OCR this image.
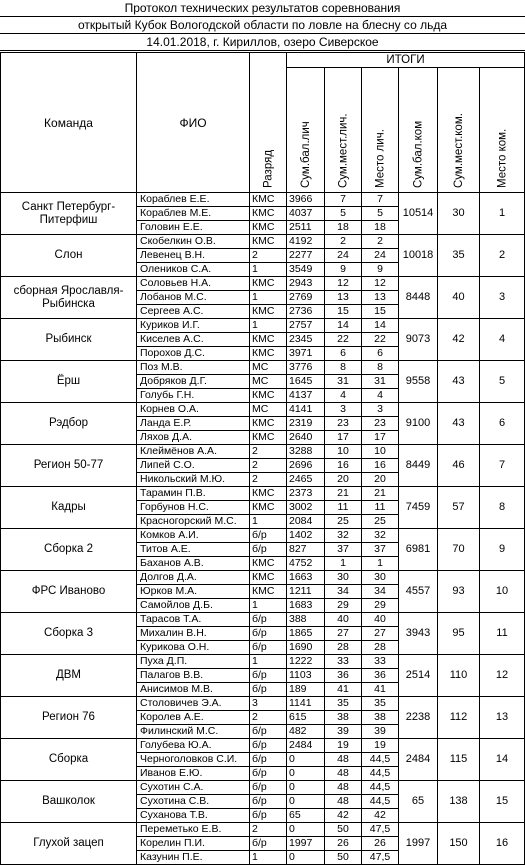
Протокол технических результатов соревнования
открытый Кубок Вологодской области по ловле на блесну со льда
14.01.2018, г. Кириллов, озеро Сиверское
Команда	ФИО	Разряд	ИТОГИ					
			Сум.бал.лич	Сум.мест.лич.	Место лич.	Сум.бал.ком	Сум.мест.ком.	Место ком.
Санкт Петербург-Питерфиш	Кораблев Е.Е.	КМС	3966	7	7	10514	30	1
	Кораблев М.Е.	КМС	4037	5	5			
	Головин Е.Е.	КМС	2511	18	18			
Слон	Скобелкин О.В.	КМС	4192	2	2	10018	35	2
	Левенец В.Н.	2	2277	24	24			
	Олеников С.А.	1	3549	9	9			
сборная Ярославля-Рыбинска	Соловьев Н.А.	КМС	2943	12	12	8448	40	3
	Лобанов М.С.	1	2769	13	13			
	Сергеев А.С.	КМС	2736	15	15			
Рыбинск	Куриков И.Г.	1	2757	14	14	9073	42	4
	Киселев А.С.	КМС	2345	22	22			
	Порохов Д.С.	КМС	3971	6	6			
Ёрш	Поз М.В.	МС	3776	8	8	9558	43	5
	Добряков Д.Г.	МС	1645	31	31			
	Голубь Г.Н.	КМС	4137	4	4			
Рэдбор	Корнев О.А.	МС	4141	3	3	9100	43	6
	Ланда Е.Р.	КМС	2319	23	23			
	Ляхов Д.А.	КМС	2640	17	17			
Регион 50-77	Клеймёнов А.А.	2	3288	10	10	8449	46	7
	Липей С.О.	2	2696	16	16			
	Никольский М.Ю.	2	2465	20	20			
Кадры	Тарамин П.В.	КМС	2373	21	21	7459	57	8
	Горбунов Н.С.	КМС	3002	11	11			
	Красногорский М.С.	1	2084	25	25			
Сборка 2	Комков А.И.	б/р	1402	32	32	6981	70	9
	Титов А.Е.	б/р	827	37	37			
	Баханов А.В.	КМС	4752	1	1			
ФРС Иваново	Долгов Д.А.	КМС	1663	30	30	4557	93	10
	Юрков М.А.	КМС	1211	34	34			
	Самойлов Д.Б.	1	1683	29	29			
Сборка 3	Тарасов Т.А.	б/р	388	40	40	3943	95	11
	Михалин В.Н.	б/р	1865	27	27			
	Курикова О.Н.	б/р	1690	28	28			
ДВМ	Пуха Д.П.	1	1222	33	33	2514	110	12
	Палагов В.В.	б/р	1103	36	36			
	Анисимов М.В.	б/р	189	41	41			
Регион 76	Столовичев Э.А.	3	1141	35	35	2238	112	13
	Королев А.Е.	2	615	38	38			
	Филинский М.С.	б/р	482	39	39			
Сборка	Голубева Ю.А.	б/р	2484	19	19	2484	115	14
	Черноголовков С.И.	б/р	0	48	44,5			
	Иванов Е.Ю.	б/р	0	48	44,5			
Вашколок	Сухотин С.А.	б/р	0	48	44,5	65	138	15
	Сухотина С.В.	б/р	0	48	44,5			
	Суханова Т.В.	б/р	65	42	42			
Глухой зацеп	Переметько Е.В.	2	0	50	47,5	1997	150	16
	Корелин П.И.	б/р	1997	26	26			
	Казунин П.Е.	1	0	50	47,5			
